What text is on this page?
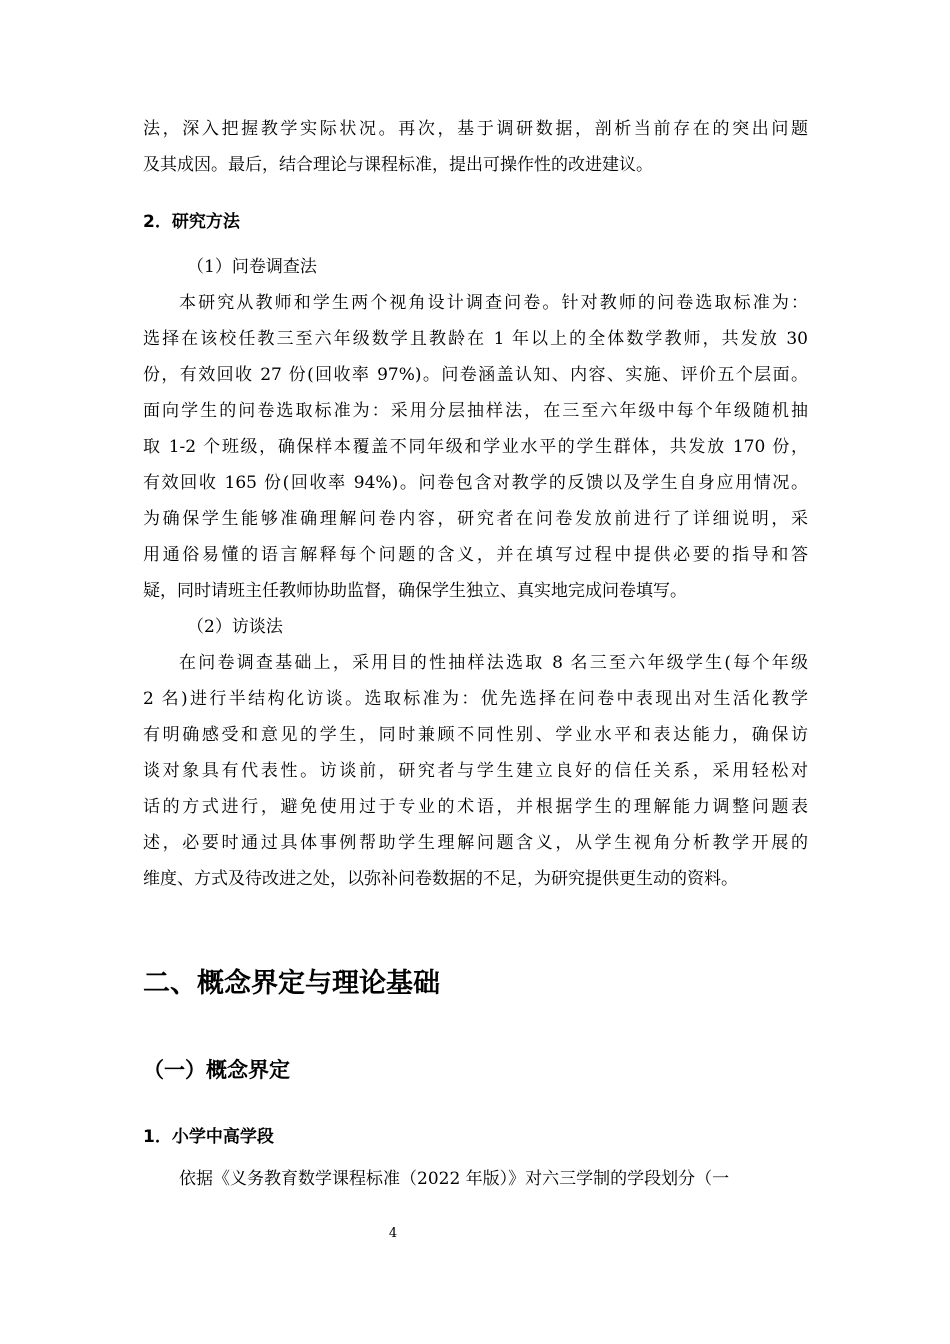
法，深入把握教学实际状况。再次，基于调研数据，剖析当前存在的突出问题
及其成因。最后，结合理论与课程标准，提出可操作性的改进建议。
2．研究方法
（1）问卷调查法
本研究从教师和学生两个视角设计调查问卷。针对教师的问卷选取标准为：
选择在该校任教三至六年级数学且教龄在 1 年以上的全体数学教师，共发放 30
份，有效回收 27 份(回收率 97%)。问卷涵盖认知、内容、实施、评价五个层面。
面向学生的问卷选取标准为：采用分层抽样法，在三至六年级中每个年级随机抽
取 1-2 个班级，确保样本覆盖不同年级和学业水平的学生群体，共发放 170 份，
有效回收 165 份(回收率 94%)。问卷包含对教学的反馈以及学生自身应用情况。
为确保学生能够准确理解问卷内容，研究者在问卷发放前进行了详细说明，采
用通俗易懂的语言解释每个问题的含义，并在填写过程中提供必要的指导和答
疑，同时请班主任教师协助监督，确保学生独立、真实地完成问卷填写。
（2）访谈法
在问卷调查基础上，采用目的性抽样法选取 8 名三至六年级学生(每个年级
2 名)进行半结构化访谈。选取标准为：优先选择在问卷中表现出对生活化教学
有明确感受和意见的学生，同时兼顾不同性别、学业水平和表达能力，确保访
谈对象具有代表性。访谈前，研究者与学生建立良好的信任关系，采用轻松对
话的方式进行，避免使用过于专业的术语，并根据学生的理解能力调整问题表
述，必要时通过具体事例帮助学生理解问题含义，从学生视角分析教学开展的
维度、方式及待改进之处，以弥补问卷数据的不足，为研究提供更生动的资料。
二、概念界定与理论基础
（一）概念界定
1．小学中高学段
依据《义务教育数学课程标准（2022 年版）》对六三学制的学段划分（一
4
